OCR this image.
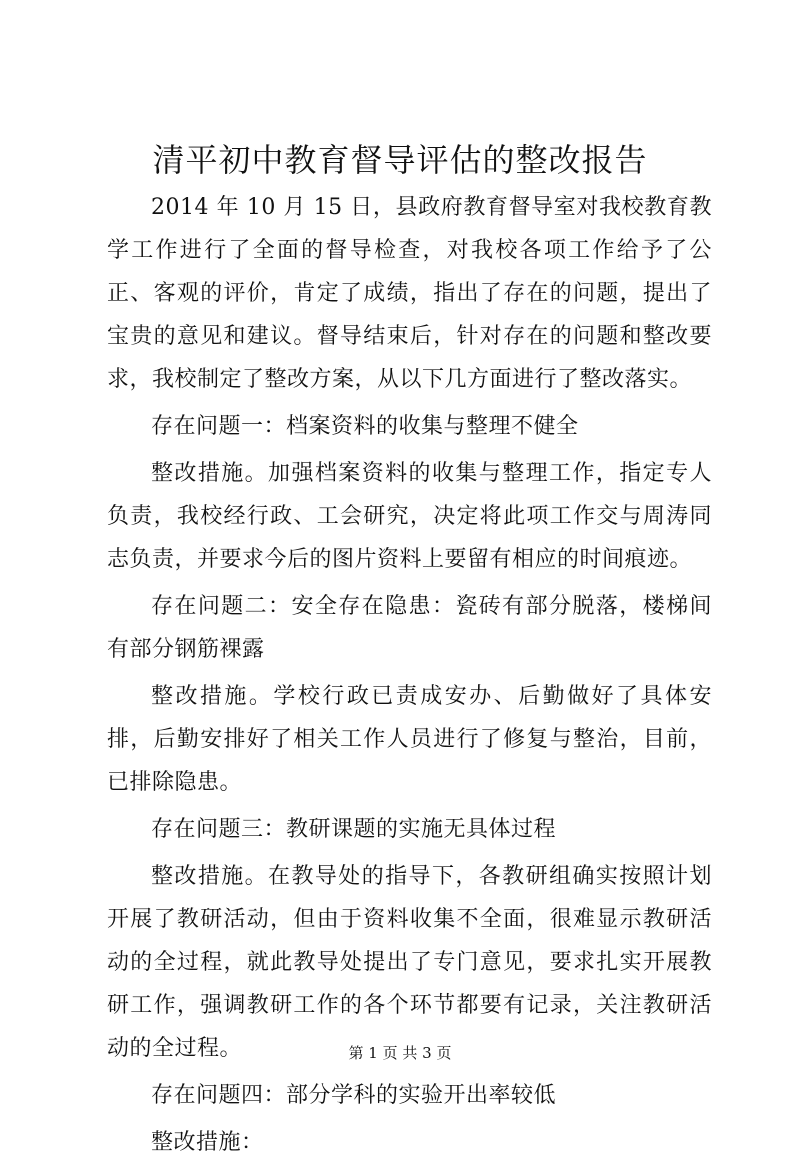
清平初中教育督导评估的整改报告

2014 年 10 月 15 日，县政府教育督导室对我校教育教学工作进行了全面的督导检查，对我校各项工作给予了公正、客观的评价，肯定了成绩，指出了存在的问题，提出了宝贵的意见和建议。督导结束后，针对存在的问题和整改要求，我校制定了整改方案，从以下几方面进行了整改落实。

存在问题一：档案资料的收集与整理不健全

整改措施。加强档案资料的收集与整理工作，指定专人负责，我校经行政、工会研究，决定将此项工作交与周涛同志负责，并要求今后的图片资料上要留有相应的时间痕迹。

存在问题二：安全存在隐患：瓷砖有部分脱落，楼梯间有部分钢筋裸露

整改措施。学校行政已责成安办、后勤做好了具体安排，后勤安排好了相关工作人员进行了修复与整治，目前，已排除隐患。

存在问题三：教研课题的实施无具体过程

整改措施。在教导处的指导下，各教研组确实按照计划开展了教研活动，但由于资料收集不全面，很难显示教研活动的全过程，就此教导处提出了专门意见，要求扎实开展教研工作，强调教研工作的各个环节都要有记录，关注教研活动的全过程。

存在问题四：部分学科的实验开出率较低

整改措施：

第 1 页 共 3 页
